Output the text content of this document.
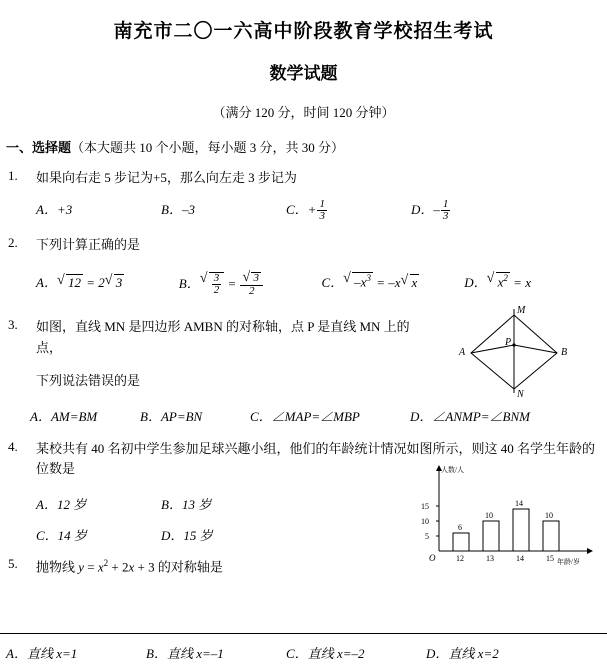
南充市二〇一六高中阶段教育学校招生考试
数学试题
（满分 120 分，时间 120 分钟）
一、选择题（本大题共 10 个小题，每小题 3 分，共 30 分）
1.	如果向右走 5 步记为+5，那么向左走 3 步记为
A．+3	B．–3	C．+ $\frac{1}{3}$	D．– $\frac{1}{3}$
2.	下列计算正确的是
A． √ 12 = 2 √ 3	B． √ $\frac{3}{2}$ = √ $\frac{3}{2}$	C． √ $-x^3 = -x$ √ x	D． √ $x^2 = x$
3.	如图，直线 MN 是四边形 AMBN 的对称轴，点 P 是直线 MN 上的点，
下列说法错误的是
M
A	B
N
P
A．AM=BM	B．AP=BN	C．∠MAP=∠MBP	D．∠ANMP=∠BNM
4.	某校共有 40 名初中学生参加足球兴趣小组，他们的年龄统计情况如图所示，则这 40 名学生年龄的
位数是
5
10
15
人数/人
年龄/岁
O
6
10
14
10
12	13	14	15
A．12 岁	B．13 岁
C．14 岁	D．15 岁
5.	抛物线 $y = x^2 + 2x + 3$ 的对称轴是
A．直线 x=1	B．直线 x=–1	C．直线 x=–2	D．直线 x=2
